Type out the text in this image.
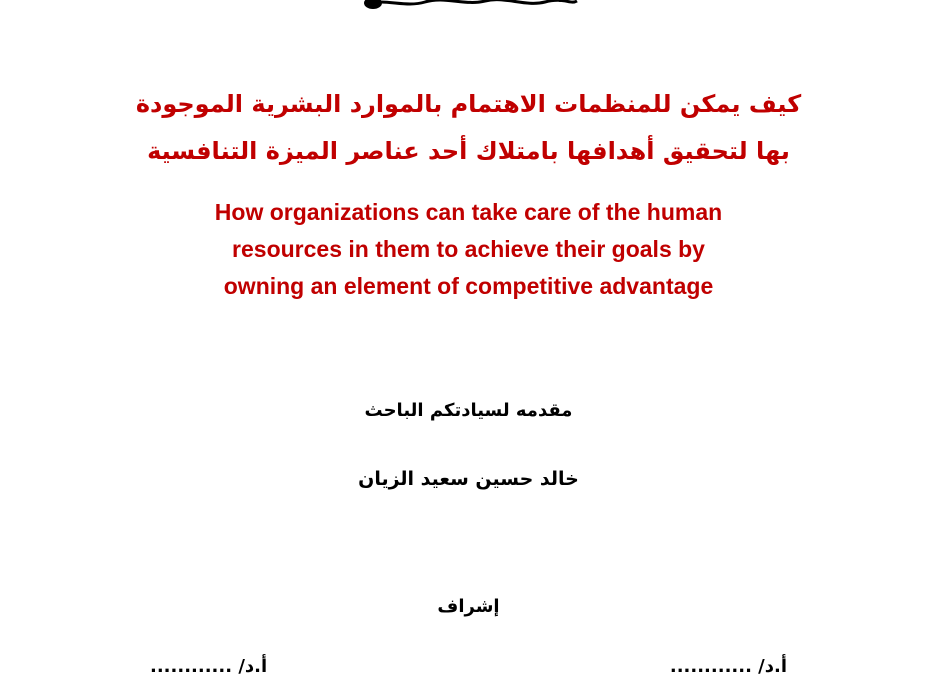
كيف يمكن للمنظمات الاهتمام بالموارد البشرية الموجودة
بها لتحقيق أهدافها بامتلاك أحد عناصر الميزة التنافسية
How organizations can take care of the human
resources in them to achieve their goals by
owning an element of competitive advantage
مقدمه لسيادتكم الباحث
خالد حسين سعيد الزيان
إشراف
أ.د/ ............
أ.د/ ............
